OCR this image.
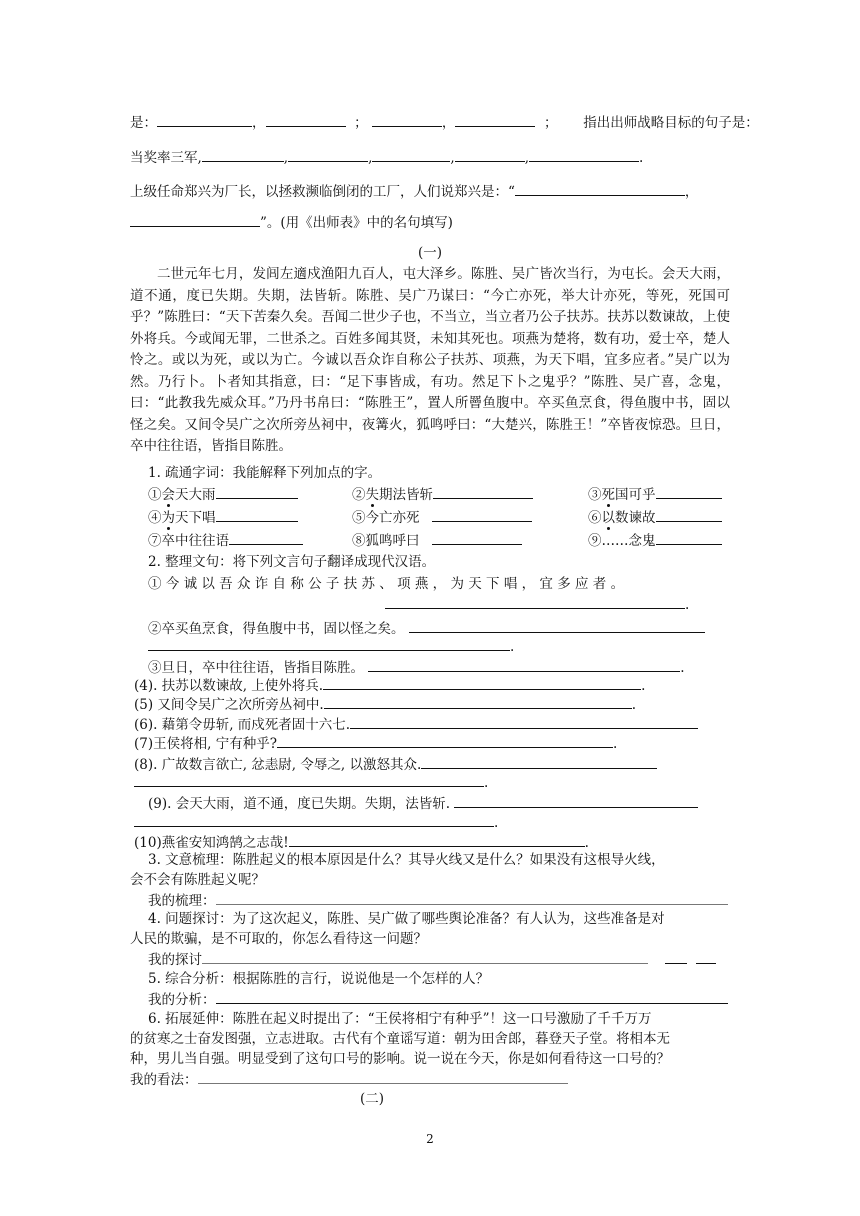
是：	，	；	，	； 指出出师战略目标的句子是：
当奖率三军,	,	,	,	,	.
上级任命郑兴为厂长，以拯救濒临倒闭的工厂，人们说郑兴是：“	，
”。(用《出师表》中的名句填写)
(一)
二世元年七月，发闾左適戍渔阳九百人，屯大泽乡。陈胜、吴广皆次当行，为屯长。会天大雨，道不通，度已失期。失期，法皆斩。陈胜、吴广乃谋曰：“今亡亦死，举大计亦死，等死，死国可乎？”陈胜曰：“天下苦秦久矣。吾闻二世少子也，不当立，当立者乃公子扶苏。扶苏以数谏故，上使外将兵。今或闻无罪，二世杀之。百姓多闻其贤，未知其死也。项燕为楚将，数有功，爱士卒，楚人怜之。或以为死，或以为亡。今诚以吾众诈自称公子扶苏、项燕，为天下唱，宜多应者。”吴广以为然。乃行卜。卜者知其指意，曰：“足下事皆成，有功。然足下卜之鬼乎？”陈胜、吴广喜，念鬼，曰：“此教我先威众耳。”乃丹书帛曰：“陈胜王”，置人所罾鱼腹中。卒买鱼烹食，得鱼腹中书，固以怪之矣。又间令吴广之次所旁丛祠中，夜篝火，狐鸣呼曰：“大楚兴，陈胜王！”卒皆夜惊恐。旦日，卒中往往语，皆指目陈胜。
1. 疏通字词：我能解释下列加点的字。
①会天大雨	②失期法皆斩	③死国可乎
④为天下唱	⑤今亡亦死	⑥以数谏故
⑦卒中往往语	⑧狐鸣呼曰	⑨……念鬼
2. 整理文句：将下列文言句子翻译成现代汉语。
① 今 诚 以 吾 众 诈 自 称 公 子 扶 苏 、 项 燕 ， 为 天 下 唱 ， 宜 多 应 者 。
.
②卒买鱼烹食，得鱼腹中书，固以怪之矣。
.
③旦日，卒中往往语，皆指目陈胜。	.
(4). 扶苏以数谏故, 上使外将兵.	.
(5) 又间令吴广之次所旁丛祠中.	.
(6). 藉第令毋斩, 而戍死者固十六七.
(7)王侯将相, 宁有种乎?	.
(8). 广故数言欲亡, 忿恚尉, 令辱之, 以激怒其众.
.
(9). 会天大雨，道不通，度已失期。失期，法皆斩.
.
(10)燕雀安知鸿鹄之志哉!	.
3. 文意梳理：陈胜起义的根本原因是什么？其导火线又是什么？如果没有这根导火线，
会不会有陈胜起义呢？
我的梳理：
4. 问题探讨：为了这次起义，陈胜、吴广做了哪些舆论准备？有人认为，这些准备是对
人民的欺骗，是不可取的，你怎么看待这一问题？
我的探讨
5. 综合分析：根据陈胜的言行，说说他是一个怎样的人？
我的分析：
6. 拓展延伸：陈胜在起义时提出了：“王侯将相宁有种乎”！这一口号激励了千千万万
的贫寒之士奋发图强，立志进取。古代有个童谣写道：朝为田舍郎，暮登天子堂。将相本无
种，男儿当自强。明显受到了这句口号的影响。说一说在今天，你是如何看待这一口号的？
我的看法：
(二)
2
